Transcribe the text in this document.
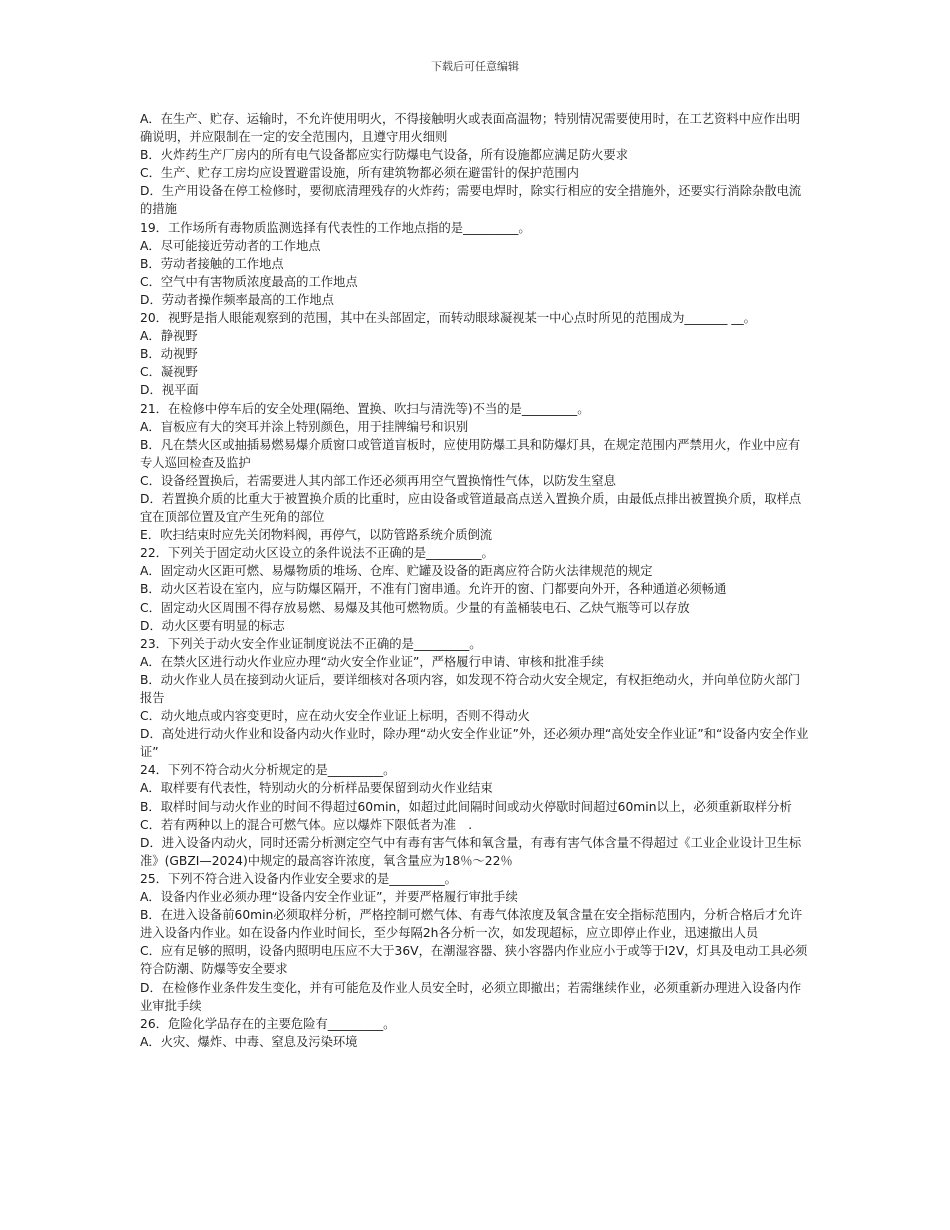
下载后可任意编辑

A．在生产、贮存、运输时，不允许使用明火，不得接触明火或表面高温物；特别情况需要使用时，在工艺资料中应作出明确说明，并应限制在一定的安全范围内，且遵守用火细则

B．火炸药生产厂房内的所有电气设备都应实行防爆电气设备，所有设施都应满足防火要求

C．生产、贮存工房均应设置避雷设施，所有建筑物都必须在避雷针的保护范围内

D．生产用设备在停工检修时，要彻底清理残存的火炸药；需要电焊时，除实行相应的安全措施外，还要实行消除杂散电流的措施

19．工作场所有毒物质监测选择有代表性的工作地点指的是_________。

A．尽可能接近劳动者的工作地点

B．劳动者接触的工作地点

C．空气中有害物质浓度最高的工作地点

D．劳动者操作频率最高的工作地点

20．视野是指人眼能观察到的范围，其中在头部固定，而转动眼球凝视某一中心点时所见的范围成为_______ __。

A．静视野

B．动视野

C．凝视野

D．视平面

21．在检修中停车后的安全处理(隔绝、置换、吹扫与清洗等)不当的是_________。

A．盲板应有大的突耳并涂上特别颜色，用于挂牌编号和识别

B．凡在禁火区或抽插易燃易爆介质窗口或管道盲板时，应使用防爆工具和防爆灯具，在规定范围内严禁用火，作业中应有专人巡回检查及监护

C．设备经置换后，若需要进人其内部工作还必须再用空气置换惰性气体，以防发生窒息

D．若置换介质的比重大于被置换介质的比重时，应由设备或管道最高点送入置换介质，由最低点排出被置换介质，取样点宜在顶部位置及宜产生死角的部位

E．吹扫结束时应先关闭物料阀，再停气，以防管路系统介质倒流

22．下列关于固定动火区设立的条件说法不正确的是_________。

A．固定动火区距可燃、易爆物质的堆场、仓库、贮罐及设备的距离应符合防火法律规范的规定

B．动火区若设在室内，应与防爆区隔开，不准有门窗串通。允许开的窗、门都要向外开，各种通道必须畅通

C．固定动火区周围不得存放易燃、易爆及其他可燃物质。少量的有盖桶装电石、乙炔气瓶等可以存放

D．动火区要有明显的标志

23．下列关于动火安全作业证制度说法不正确的是_________。

A．在禁火区进行动火作业应办理“动火安全作业证”，严格履行申请、审核和批准手续

B．动火作业人员在接到动火证后，要详细核对各项内容，如发现不符合动火安全规定，有权拒绝动火，并向单位防火部门报告

C．动火地点或内容变更时，应在动火安全作业证上标明，否则不得动火

D．高处进行动火作业和设备内动火作业时，除办理“动火安全作业证”外，还必须办理“高处安全作业证”和“设备内安全作业证”

24．下列不符合动火分析规定的是_________。

A．取样要有代表性，特别动火的分析样品要保留到动火作业结束

B．取样时间与动火作业的时间不得超过60min，如超过此间隔时间或动火停歇时间超过60min以上，必须重新取样分析

C．若有两种以上的混合可燃气体。应以爆炸下限低者为准　.

D．进入设备内动火，同时还需分析测定空气中有毒有害气体和氧含量，有毒有害气体含量不得超过《工业企业设计卫生标准》(GBZI—2024)中规定的最高容许浓度，氧含量应为18％～22％

25．下列不符合进入设备内作业安全要求的是_________。

A．设备内作业必须办理“设备内安全作业证”，并要严格履行审批手续

B．在进入设备前60min必须取样分析，严格控制可燃气体、有毒气体浓度及氧含量在安全指标范围内，分析合格后才允许进入设备内作业。如在设备内作业时间长，至少每隔2h各分析一次，如发现超标，应立即停止作业，迅速撤出人员

C．应有足够的照明，设备内照明电压应不大于36V，在潮湿容器、狭小容器内作业应小于或等于I2V，灯具及电动工具必须符合防潮、防爆等安全要求

D．在检修作业条件发生变化，并有可能危及作业人员安全时，必须立即撤出；若需继续作业，必须重新办理进入设备内作业审批手续

26．危险化学品存在的主要危险有_________。

A．火灾、爆炸、中毒、窒息及污染环境
